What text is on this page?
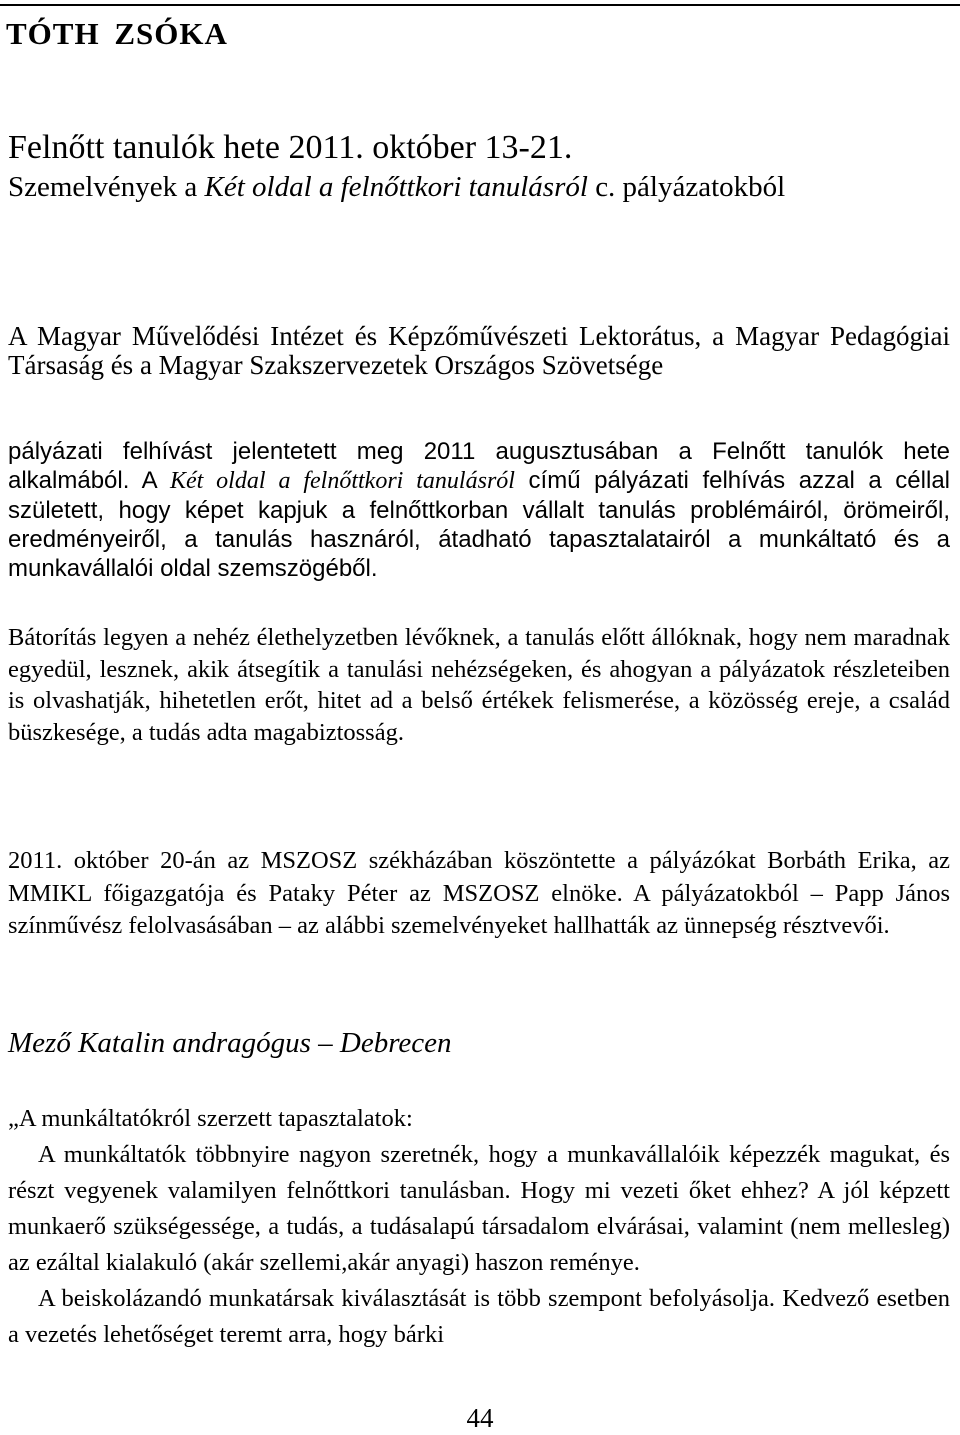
TÓTH ZSÓKA

Felnőtt tanulók hete 2011. október 13-21.

Szemelvények a Két oldal a felnőttkori tanulásról c. pályázatokból

A Magyar Művelődési Intézet és Képzőművészeti Lektorátus, a Magyar Pedagógiai Társaság és a Magyar Szakszervezetek Országos Szövetsége

pályázati felhívást jelentetett meg 2011 augusztusában a Felnőtt tanulók hete alkalmából. A Két oldal a felnőttkori tanulásról című pályázati felhívás azzal a céllal született, hogy képet kapjuk a felnőttkorban vállalt tanulás problémáiról, örömeiről, eredményeiről, a tanulás hasznáról, átadható tapasztalatairól a munkáltató és a munkavállalói oldal szemszögéből.

Bátorítás legyen a nehéz élethelyzetben lévőknek, a tanulás előtt állóknak, hogy nem maradnak egyedül, lesznek, akik átsegítik a tanulási nehézségeken, és ahogyan a pályázatok részleteiben is olvashatják, hihetetlen erőt, hitet ad a belső értékek felismerése, a közösség ereje, a család büszkesége, a tudás adta magabiztosság.

2011. október 20-án az MSZOSZ székházában köszöntette a pályázókat Borbáth Erika, az MMIKL főigazgatója és Pataky Péter az MSZOSZ elnöke. A pályázatokból – Papp János színművész felolvasásában – az alábbi szemelvényeket hallhatták az ünnepség résztvevői.

Mező Katalin andragógus – Debrecen

„A munkáltatókról szerzett tapasztalatok:

A munkáltatók többnyire nagyon szeretnék, hogy a munkavállalóik képezzék magukat, és részt vegyenek valamilyen felnőttkori tanulásban. Hogy mi vezeti őket ehhez? A jól képzett munkaerő szükségessége, a tudás, a tudásalapú társadalom elvárásai, valamint (nem mellesleg) az ezáltal kialakuló (akár szellemi,akár anyagi) haszon reménye.

A beiskolázandó munkatársak kiválasztását is több szempont befolyásolja. Kedvező esetben a vezetés lehetőséget teremt arra, hogy bárki

44
